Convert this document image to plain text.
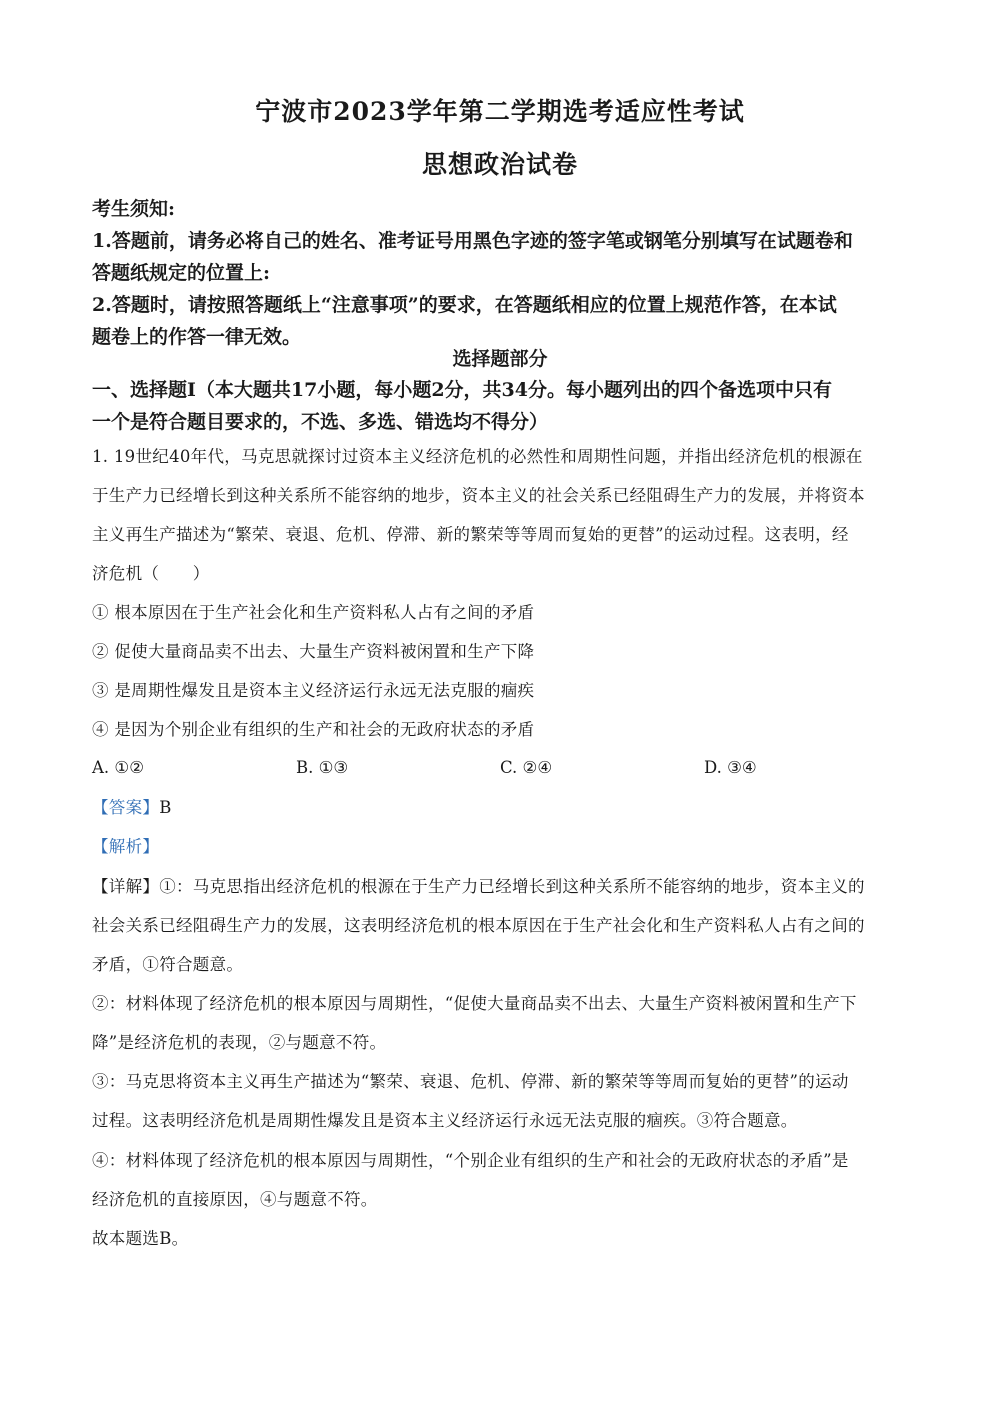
宁波市2023学年第二学期选考适应性考试
思想政治试卷
考生须知:
1.答题前，请务必将自己的姓名、准考证号用黑色字迹的签字笔或钢笔分别填写在试题卷和
答题纸规定的位置上:
2.答题时，请按照答题纸上“注意事项”的要求，在答题纸相应的位置上规范作答，在本试
题卷上的作答一律无效。
选择题部分
一、选择题Ⅰ（本大题共17小题，每小题2分，共34分。每小题列出的四个备选项中只有
一个是符合题目要求的，不选、多选、错选均不得分）
1. 19世纪40年代，马克思就探讨过资本主义经济危机的必然性和周期性问题，并指出经济危机的根源在
于生产力已经增长到这种关系所不能容纳的地步，资本主义的社会关系已经阻碍生产力的发展，并将资本
主义再生产描述为“繁荣、衰退、危机、停滞、新的繁荣等等周而复始的更替”的运动过程。这表明，经
济危机（　　）
① 根本原因在于生产社会化和生产资料私人占有之间的矛盾
② 促使大量商品卖不出去、大量生产资料被闲置和生产下降
③ 是周期性爆发且是资本主义经济运行永远无法克服的痼疾
④ 是因为个别企业有组织的生产和社会的无政府状态的矛盾
A. ①②	B. ①③	C. ②④	D. ③④
【答案】B
【解析】
【详解】①：马克思指出经济危机的根源在于生产力已经增长到这种关系所不能容纳的地步，资本主义的
社会关系已经阻碍生产力的发展，这表明经济危机的根本原因在于生产社会化和生产资料私人占有之间的
矛盾，①符合题意。
②：材料体现了经济危机的根本原因与周期性，“促使大量商品卖不出去、大量生产资料被闲置和生产下
降”是经济危机的表现，②与题意不符。
③：马克思将资本主义再生产描述为“繁荣、衰退、危机、停滞、新的繁荣等等周而复始的更替”的运动
过程。这表明经济危机是周期性爆发且是资本主义经济运行永远无法克服的痼疾。③符合题意。
④：材料体现了经济危机的根本原因与周期性，“个别企业有组织的生产和社会的无政府状态的矛盾”是
经济危机的直接原因，④与题意不符。
故本题选B。
